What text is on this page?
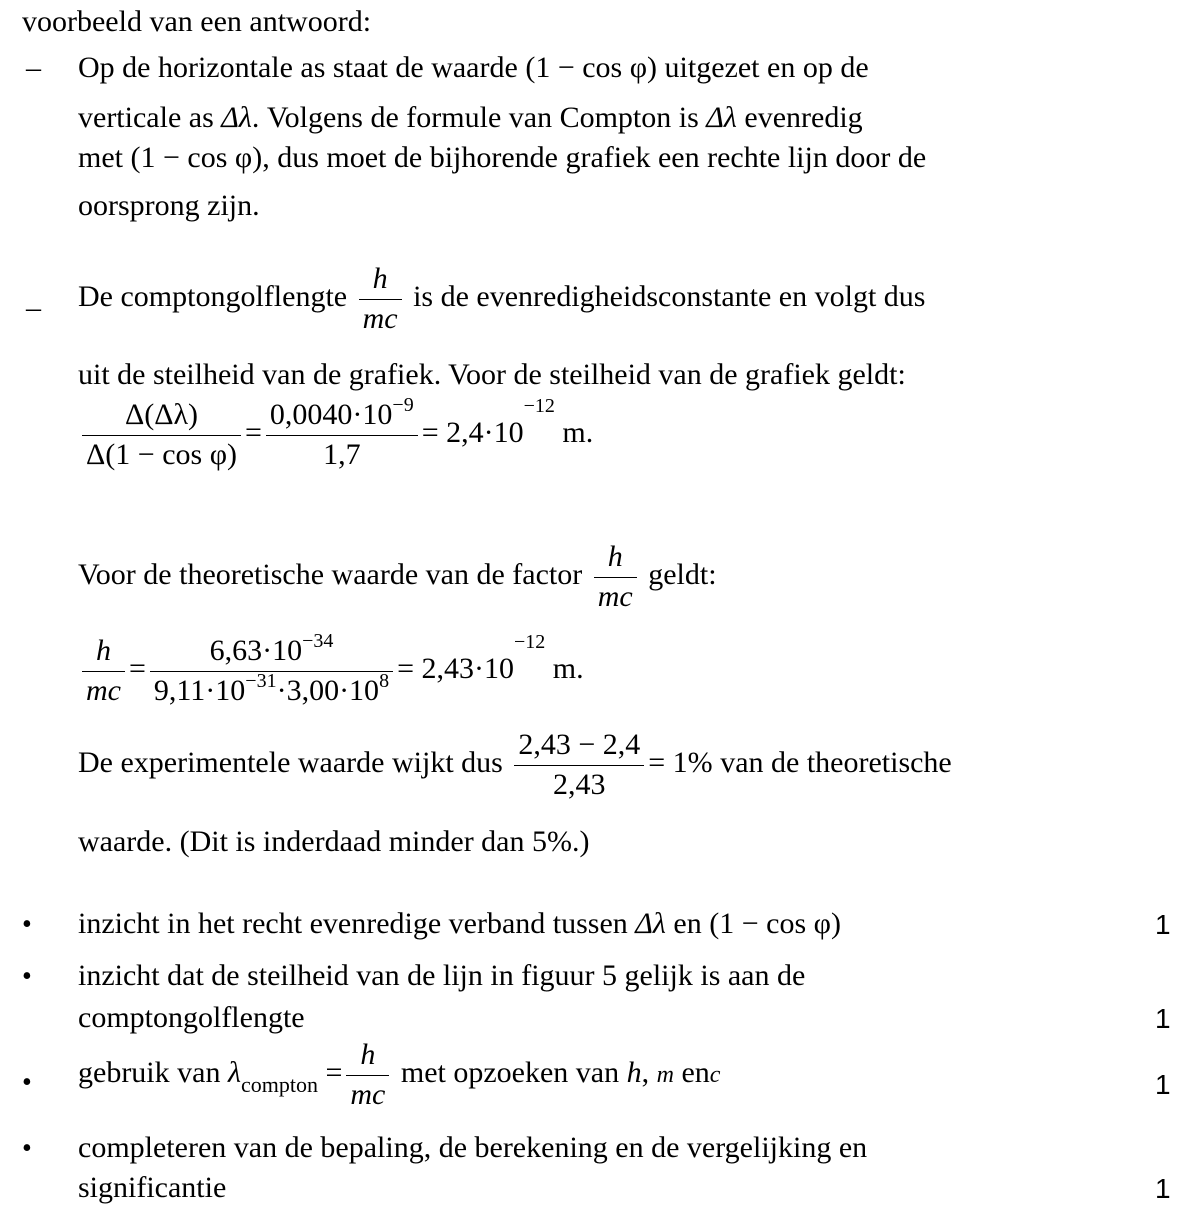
voorbeeld van een antwoord:
– Op de horizontale as staat de waarde (1 − cos φ) uitgezet en op de
verticale as Δλ. Volgens de formule van Compton is Δλ evenredig
met (1 − cos φ), dus moet de bijhorende grafiek een rechte lijn door de
oorsprong zijn.
– De comptongolflengte $\frac{h}{mc}$ is de evenredigheidsconstante en volgt dus
uit de steilheid van de grafiek. Voor de steilheid van de grafiek geldt:
$\frac{\Delta(\Delta\lambda)}{\text{Δ(1 − cos φ)}} = \frac{0,0040\cdot 10^{-9}}{1,7} = 2,4\cdot 10^{-12}$ m.
Voor de theoretische waarde van de factor $\frac{h}{mc}$ geldt:
$\frac{h}{mc} = \frac{6,63\cdot 10^{-34}}{9,11\cdot 10^{-31}\cdot 3,00\cdot 10^8} = 2,43\cdot 10^{-12}$ m.
De experimentele waarde wijkt dus $\frac{2,43 - 2,4}{2,43} = 1\%$ van de theoretische
waarde. (Dit is inderdaad minder dan 5%.)
• inzicht in het recht evenredige verband tussen Δλ en (1 − cos φ)	1
• inzicht dat de steilheid van de lijn in figuur 5 gelijk is aan de
comptongolflengte	1
• gebruik van $\lambda_{compton} = \frac{h}{mc}$ met opzoeken van h, m enc	1
• completeren van de bepaling, de berekening en de vergelijking en
significantie	1
